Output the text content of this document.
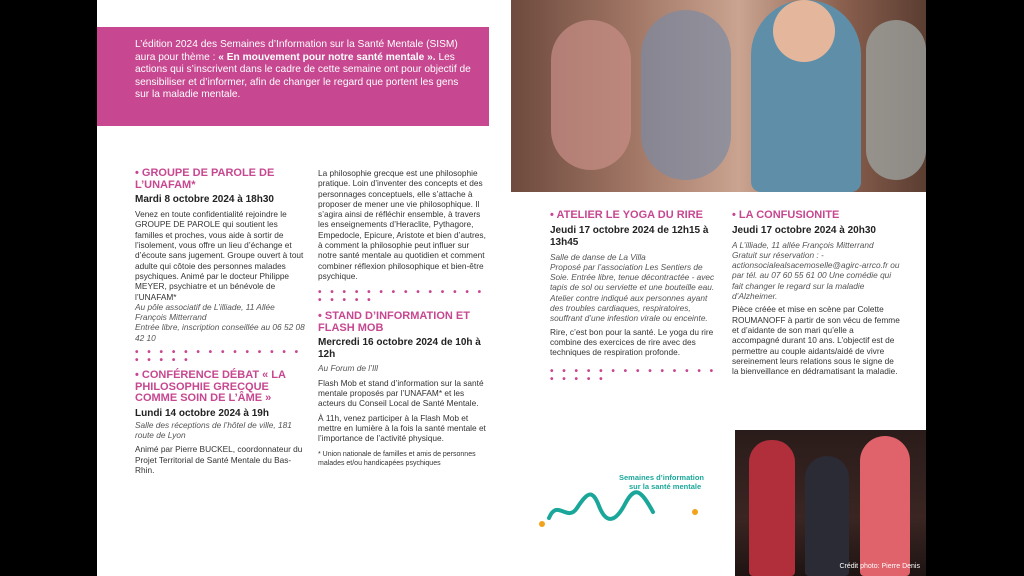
L’édition 2024 des Semaines d’Information sur la Santé Mentale (SISM) aura pour thème : « En mouvement pour notre santé mentale ». Les actions qui s’inscrivent dans le cadre de cette semaine ont pour objectif de sensibiliser et d’informer, afin de changer le regard que portent les gens sur la maladie mentale.
• GROUPE DE PAROLE DE L’UNAFAM*
Mardi 8 octobre 2024 à 18h30

Venez en toute confidentialité rejoindre le GROUPE DE PAROLE qui soutient les familles et proches, vous aide à sortir de l’isolement, vous offre un lieu d’échange et d’écoute sans jugement. Groupe ouvert à tout adulte qui côtoie des personnes malades psychiques. Animé par le docteur Philippe MEYER, psychiatre et un bénévole de l’UNAFAM*

Au pôle associatif de L’illiade, 11 Allée François Mitterrand

Entrée libre, inscription conseillée au 06 52 08 42 10

• • • • • • • • • • • • • • • • • • •
• CONFÉRENCE DÉBAT « LA PHILOSOPHIE GRECQUE COMME SOIN DE L’ÂME »
Lundi 14 octobre 2024 à 19h

Salle des réceptions de l’hôtel de ville, 181 route de Lyon

Animé par Pierre BUCKEL, coordonnateur du Projet Territorial de Santé Mentale du Bas-Rhin.

La philosophie grecque est une philosophie pratique. Loin d’inventer des concepts et des personnages conceptuels, elle s’attache à proposer de mener une vie philosophique. Il s’agira ainsi de réfléchir ensemble, à travers les enseignements d’Heraclite, Pythagore, Empedocle, Epicure, Aristote et bien d’autres, à comment la philosophie peut influer sur notre santé mentale au quotidien et comment combiner réflexion philosophique et bien-être psychique.

• • • • • • • • • • • • • • • • • • •
• STAND D’INFORMATION ET FLASH MOB
Mercredi 16 octobre 2024 de 10h à 12h

Au Forum de l’Ill

Flash Mob et stand d’information sur la santé mentale proposés par l’UNAFAM* et les acteurs du Conseil Local de Santé Mentale.

À 11h, venez participer à la Flash Mob et mettre en lumière à la fois la santé mentale et l’importance de l’activité physique.

* Union nationale de familles et amis de personnes malades et/ou handicapées psychiques

• ATELIER LE YOGA DU RIRE
Jeudi 17 octobre 2024 de 12h15 à 13h45

Salle de danse de La Villa

Proposé par l’association Les Sentiers de Soie. Entrée libre, tenue décontractée - avec tapis de sol ou serviette et une bouteille eau. Atelier contre indiqué aux personnes ayant des troubles cardiaques, respiratoires, souffrant d’une infestion virale ou enceinte.

Rire, c’est bon pour la santé. Le yoga du rire combine des exercices de rire avec des techniques de respiration profonde.

• • • • • • • • • • • • • • • • • • •
• LA CONFUSIONITE
Jeudi 17 octobre 2024 à 20h30

A L’illiade, 11 allée François Mitterrand

Gratuit sur réservation : - actionsocialealsacemoselle@agirc-arrco.fr ou par tél. au 07 60 55 61 00 Une comédie qui fait changer le regard sur la maladie d’Alzheimer.

Pièce créée et mise en scène par Colette ROUMANOFF à partir de son vécu de femme et d’aidante de son mari qu’elle a accompagné durant 10 ans. L’objectif est de permettre au couple aidants/aidé de vivre sereinement leurs relations sous le signe de la bienveillance en dédramatisant la maladie.

Semaines d’information
sur la santé mentale
Crédit photo: Pierre Denis
